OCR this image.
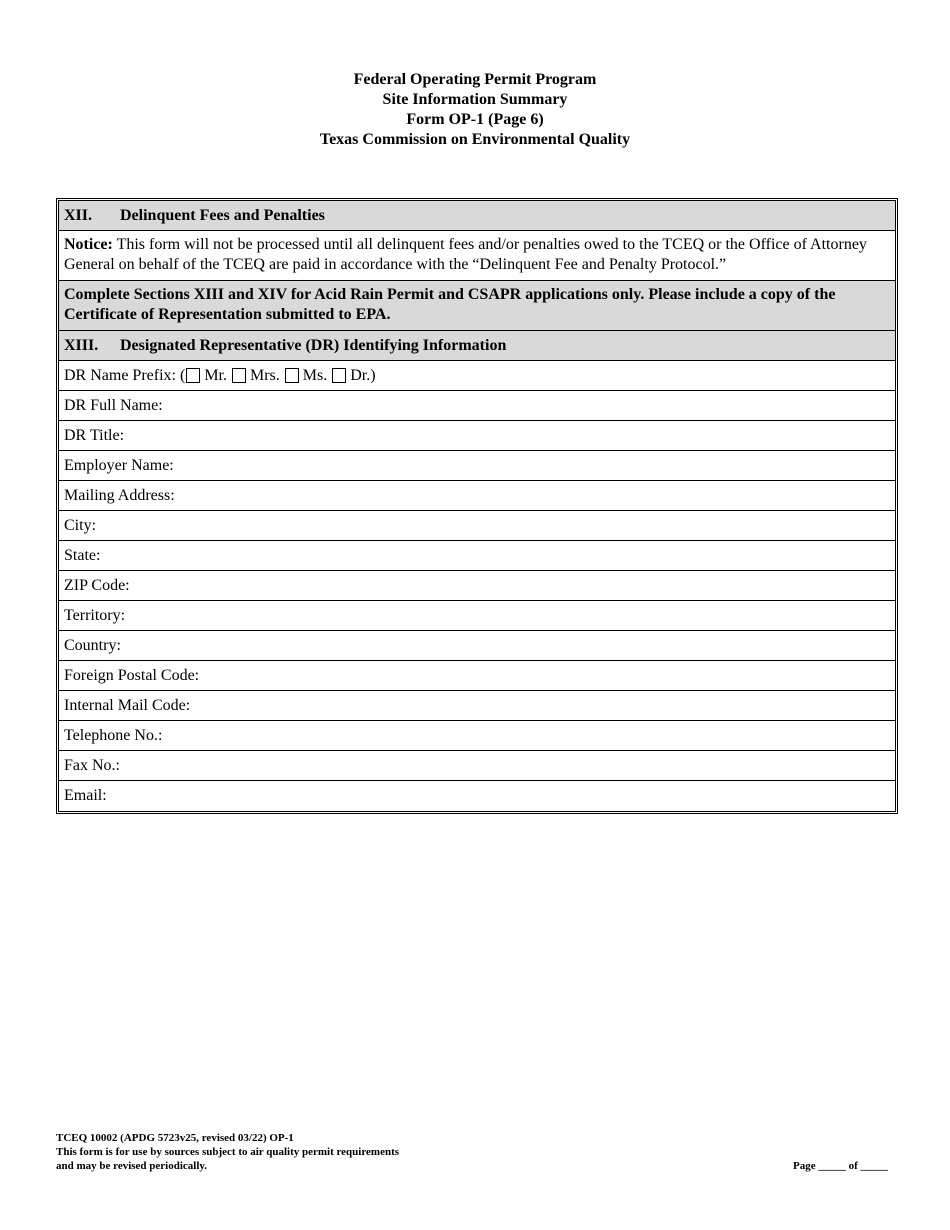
Federal Operating Permit Program
Site Information Summary
Form OP-1 (Page 6)
Texas Commission on Environmental Quality
XII.	Delinquent Fees and Penalties
Notice: This form will not be processed until all delinquent fees and/or penalties owed to the TCEQ or the Office of Attorney General on behalf of the TCEQ are paid in accordance with the “Delinquent Fee and Penalty Protocol.”
Complete Sections XIII and XIV for Acid Rain Permit and CSAPR applications only. Please include a copy of the Certificate of Representation submitted to EPA.
XIII.	Designated Representative (DR) Identifying Information
DR Name Prefix: ( Mr. Mrs. Ms. Dr.)
DR Full Name:
DR Title:
Employer Name:
Mailing Address:
City:
State:
ZIP Code:
Territory:
Country:
Foreign Postal Code:
Internal Mail Code:
Telephone No.:
Fax No.:
Email:
TCEQ 10002 (APDG 5723v25, revised 03/22) OP-1
This form is for use by sources subject to air quality permit requirements
and may be revised periodically.	Page _____ of _____
